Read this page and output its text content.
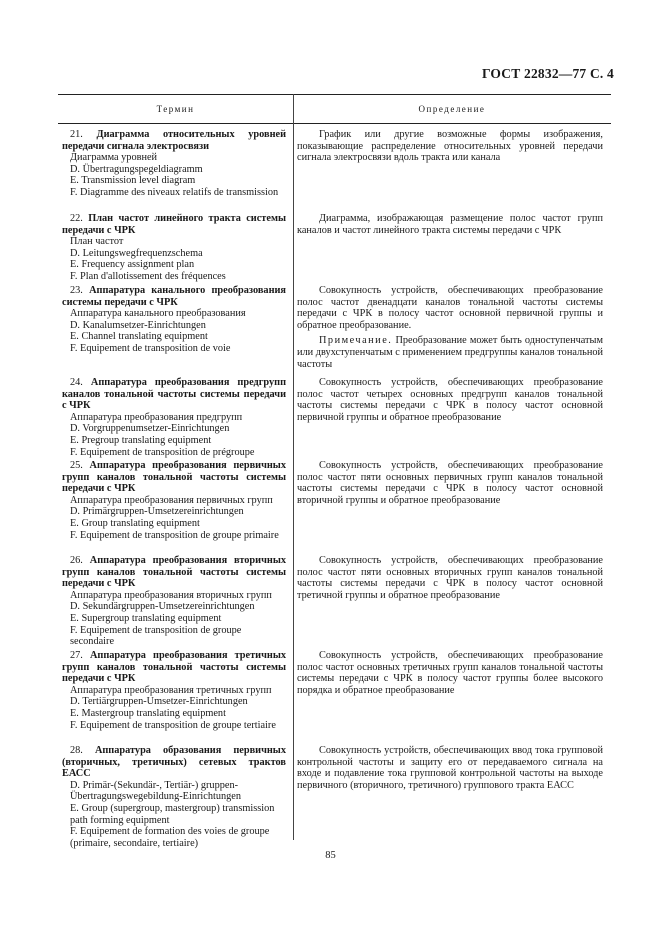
ГОСТ 22832—77 С. 4
Термин	Определение

21. Диаграмма относительных уровней передачи сигнала электросвязи

Диаграмма уровней

D. Übertragungspegeldiagramm

E. Transmission level diagram

F. Diagramme des niveaux relatifs de transmission

График или другие возможные формы изображения, показывающие распределение относительных уровней передачи сигнала электросвязи вдоль тракта или канала

22. План частот линейного тракта системы передачи с ЧРК

План частот

D. Leitungswegfrequenzschema

E. Frequency assignment plan

F. Plan d'allotissement des fréquences

Диаграмма, изображающая размещение полос частот групп каналов и частот линейного тракта системы передачи с ЧРК

23. Аппаратура канального преобразования системы передачи с ЧРК

Аппаратура канального преобразования

D. Kanalumsetzer-Einrichtungen

E. Channel translating equipment

F. Equipement de transposition de voie

Совокупность устройств, обеспечивающих преобразование полос частот двенадцати каналов тональной частоты системы передачи с ЧРК в полосу частот основной первичной группы и обратное преобразование.

Примечание. Преобразование может быть одноступенчатым или двухступенчатым с применением предгруппы каналов тональной частоты

24. Аппаратура преобразования предгрупп каналов тональной частоты системы передачи с ЧРК

Аппаратура преобразования предгрупп

D. Vorgruppenumsetzer-Einrichtungen

E. Pregroup translating equipment

F. Equipement de transposition de prégroupe

Совокупность устройств, обеспечивающих преобразование полос частот четырех основных предгрупп каналов тональной частоты системы передачи с ЧРК в полосу частот основной первичной группы и обратное преобразование

25. Аппаратура преобразования первичных групп каналов тональной частоты системы передачи с ЧРК

Аппаратура преобразования первичных групп

D. Primärgruppen-Umsetzereinrichtungen

E. Group translating equipment

F. Equipement de transposition de groupe primaire

Совокупность устройств, обеспечивающих преобразование полос частот пяти основных первичных групп каналов тональной частоты системы передачи с ЧРК в полосу частот основной вторичной группы и обратное преобразование

26. Аппаратура преобразования вторичных групп каналов тональной частоты системы передачи с ЧРК

Аппаратура преобразования вторичных групп

D. Sekundärgruppen-Umsetzereinrichtungen

E. Supergroup translating equipment

F. Equipement de transposition de groupe secondaire

Совокупность устройств, обеспечивающих преобразование полос частот пяти основных вторичных групп каналов тональной частоты системы передачи с ЧРК в полосу частот основной третичной группы и обратное преобразование

27. Аппаратура преобразования третичных групп каналов тональной частоты системы передачи с ЧРК

Аппаратура преобразования третичных групп

D. Tertiärgruppen-Umsetzer-Einrichtungen

E. Mastergroup translating equipment

F. Equipement de transposition de groupe tertiaire

Совокупность устройств, обеспечивающих преобразование полос частот основных третичных групп каналов тональной частоты системы передачи с ЧРК в полосу частот группы более высокого порядка и обратное преобразование

28. Аппаратура образования первичных (вторичных, третичных) сетевых трактов ЕАСС

D. Primär-(Sekundär-, Tertiär-) gruppen-Übertragungswegebildung-Einrichtungen

E. Group (supergroup, mastergroup) transmission path forming equipment

F. Equipement de formation des voies de groupe (primaire, secondaire, tertiaire)

Совокупность устройств, обеспечивающих ввод тока групповой контрольной частоты и защиту его от передаваемого сигнала на входе и подавление тока групповой контрольной частоты на выходе первичного (вторичного, третичного) группового тракта ЕАСС

85
